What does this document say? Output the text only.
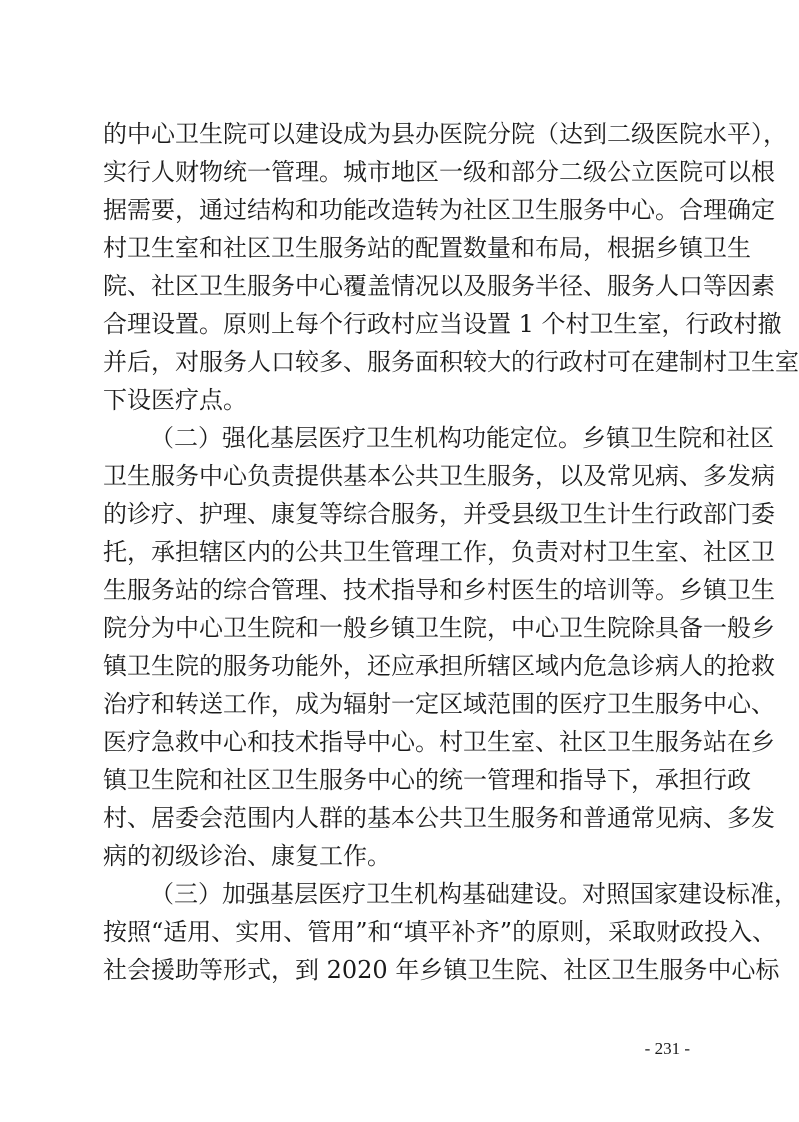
的中心卫生院可以建设成为县办医院分院（达到二级医院水平），
实行人财物统一管理。城市地区一级和部分二级公立医院可以根
据需要，通过结构和功能改造转为社区卫生服务中心。合理确定
村卫生室和社区卫生服务站的配置数量和布局，根据乡镇卫生
院、社区卫生服务中心覆盖情况以及服务半径、服务人口等因素
合理设置。原则上每个行政村应当设置 1 个村卫生室，行政村撤
并后，对服务人口较多、服务面积较大的行政村可在建制村卫生室
下设医疗点。
（二）强化基层医疗卫生机构功能定位。乡镇卫生院和社区
卫生服务中心负责提供基本公共卫生服务，以及常见病、多发病
的诊疗、护理、康复等综合服务，并受县级卫生计生行政部门委
托，承担辖区内的公共卫生管理工作，负责对村卫生室、社区卫
生服务站的综合管理、技术指导和乡村医生的培训等。乡镇卫生
院分为中心卫生院和一般乡镇卫生院，中心卫生院除具备一般乡
镇卫生院的服务功能外，还应承担所辖区域内危急诊病人的抢救
治疗和转送工作，成为辐射一定区域范围的医疗卫生服务中心、
医疗急救中心和技术指导中心。村卫生室、社区卫生服务站在乡
镇卫生院和社区卫生服务中心的统一管理和指导下，承担行政
村、居委会范围内人群的基本公共卫生服务和普通常见病、多发
病的初级诊治、康复工作。
（三）加强基层医疗卫生机构基础建设。对照国家建设标准，
按照“适用、实用、管用”和“填平补齐”的原则，采取财政投入、
社会援助等形式，到 2020 年乡镇卫生院、社区卫生服务中心标
- 231 -
